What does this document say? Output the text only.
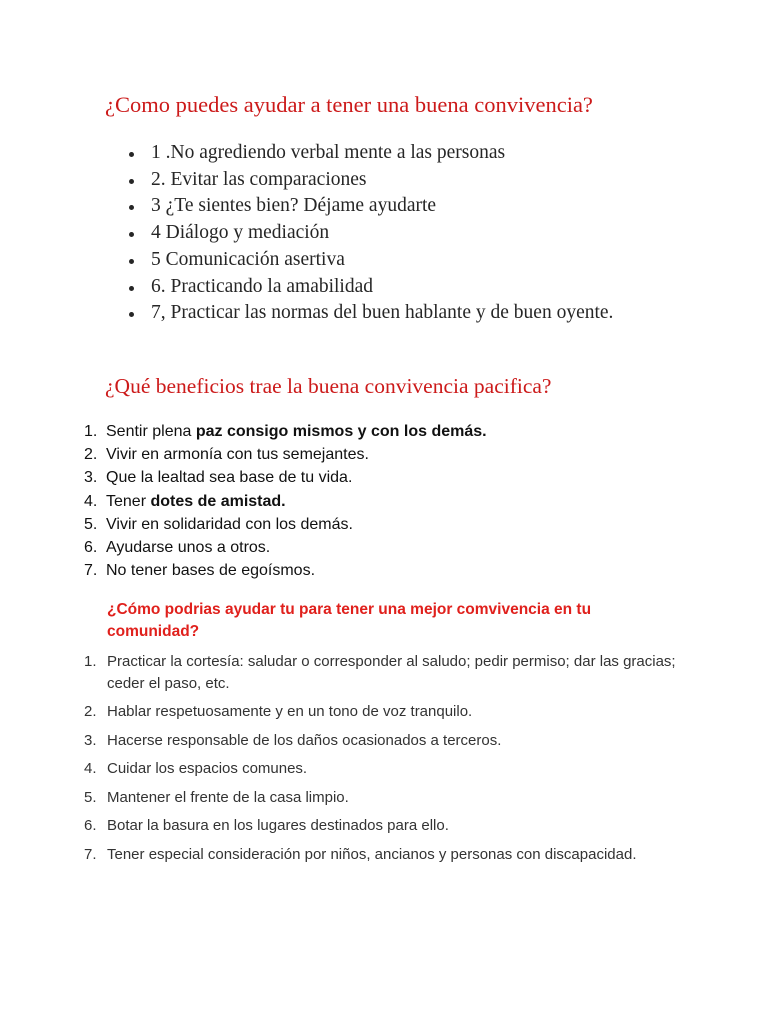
¿Como puedes ayudar a tener una buena convivencia?
1 .No agrediendo verbal mente a las personas
2. Evitar las comparaciones
3 ¿Te sientes bien? Déjame ayudarte
4 Diálogo y mediación
5 Comunicación asertiva
6. Practicando la amabilidad
7, Practicar las normas del buen hablante y de buen oyente.
¿Qué beneficios trae la buena convivencia pacifica?
1. Sentir plena paz consigo mismos y con los demás.
2. Vivir en armonía con tus semejantes.
3. Que la lealtad sea base de tu vida.
4. Tener dotes de amistad.
5. Vivir en solidaridad con los demás.
6. Ayudarse unos a otros.
7. No tener bases de egoísmos.
¿Cómo podrias ayudar tu para tener una mejor comvivencia en tu comunidad?
1. Practicar la cortesía: saludar o corresponder al saludo; pedir permiso; dar las gracias; ceder el paso, etc.
2. Hablar respetuosamente y en un tono de voz tranquilo.
3. Hacerse responsable de los daños ocasionados a terceros.
4. Cuidar los espacios comunes.
5. Mantener el frente de la casa limpio.
6. Botar la basura en los lugares destinados para ello.
7. Tener especial consideración por niños, ancianos y personas con discapacidad.
